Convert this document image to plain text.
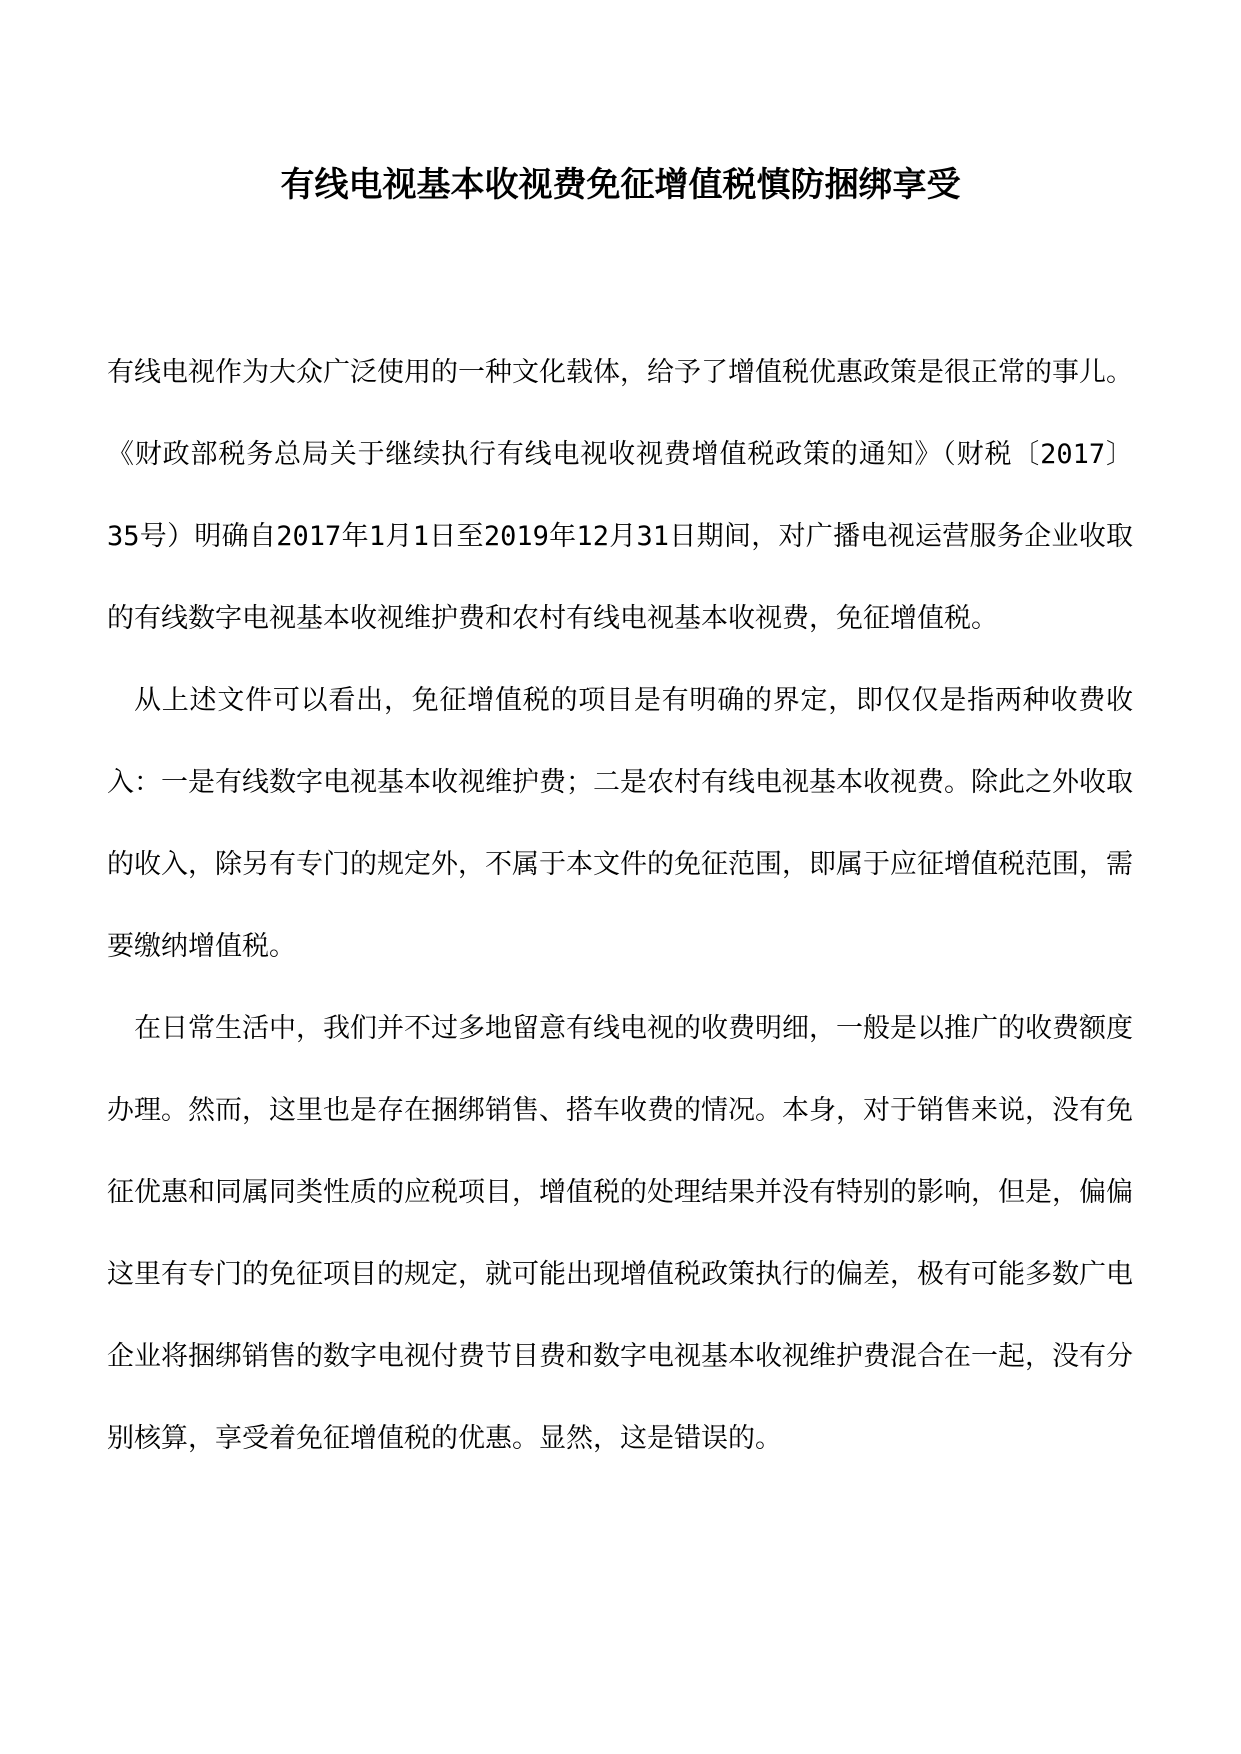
有线电视基本收视费免征增值税慎防捆绑享受

有线电视作为大众广泛使用的一种文化载体，给予了增值税优惠政策是很正常的事儿。《财政部税务总局关于继续执行有线电视收视费增值税政策的通知》（财税〔2017〕35号）明确自2017年1月1日至2019年12月31日期间，对广播电视运营服务企业收取的有线数字电视基本收视维护费和农村有线电视基本收视费，免征增值税。

从上述文件可以看出，免征增值税的项目是有明确的界定，即仅仅是指两种收费收入：一是有线数字电视基本收视维护费；二是农村有线电视基本收视费。除此之外收取的收入，除另有专门的规定外，不属于本文件的免征范围，即属于应征增值税范围，需要缴纳增值税。

在日常生活中，我们并不过多地留意有线电视的收费明细，一般是以推广的收费额度办理。然而，这里也是存在捆绑销售、搭车收费的情况。本身，对于销售来说，没有免征优惠和同属同类性质的应税项目，增值税的处理结果并没有特别的影响，但是，偏偏这里有专门的免征项目的规定，就可能出现增值税政策执行的偏差，极有可能多数广电企业将捆绑销售的数字电视付费节目费和数字电视基本收视维护费混合在一起，没有分别核算，享受着免征增值税的优惠。显然，这是错误的。
